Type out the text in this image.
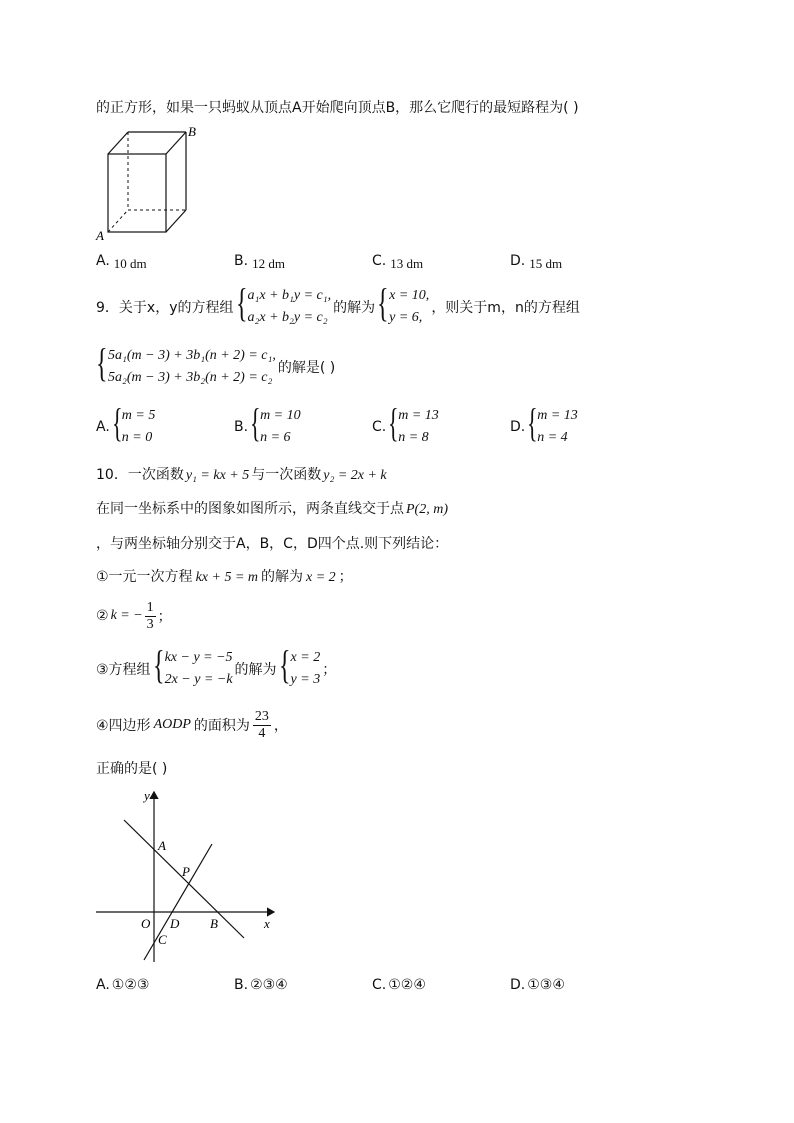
的正方形，如果一只蚂蚁从顶点A开始爬向顶点B，那么它爬行的最短路程为( )
B
A
A. 10 dm	B. 12 dm	C. 13 dm	D. 15 dm
9． 关于x，y的方程组 { a₁x + b₁y = c₁,
a₂x + b₂y = c₂
的解为 { x = 10,
y = 6,
，则关于m，n的方程组
{ 5a₁(m − 3) + 3b₁(n + 2) = c₁,
5a₂(m − 3) + 3b₂(n + 2) = c₂
的解是( )
A. { m = 5
n = 0
B. { m = 10
n = 6
C. { m = 13
n = 8
D. { m = 13
n = 4
10．一次函数 y₁ = kx + 5 与一次函数 y₂ = 2x + k
在同一坐标系中的图象如图所示，两条直线交于点 P(2, m)
，与两坐标轴分别交于A，B，C，D四个点.则下列结论：
①一元一次方程 kx + 5 = m 的解为 x = 2 ；
② k = − $\frac{1}{3}$ ；
③方程组 { kx − y = −5
2x − y = −k
的解为 { x = 2
y = 3
；
④四边形 AODP 的面积为 $\frac{23}{4}$ ，
正确的是( )
y
x
O
A
P
D B
C
A. ①②③	B. ②③④	C. ①②④	D. ①③④
